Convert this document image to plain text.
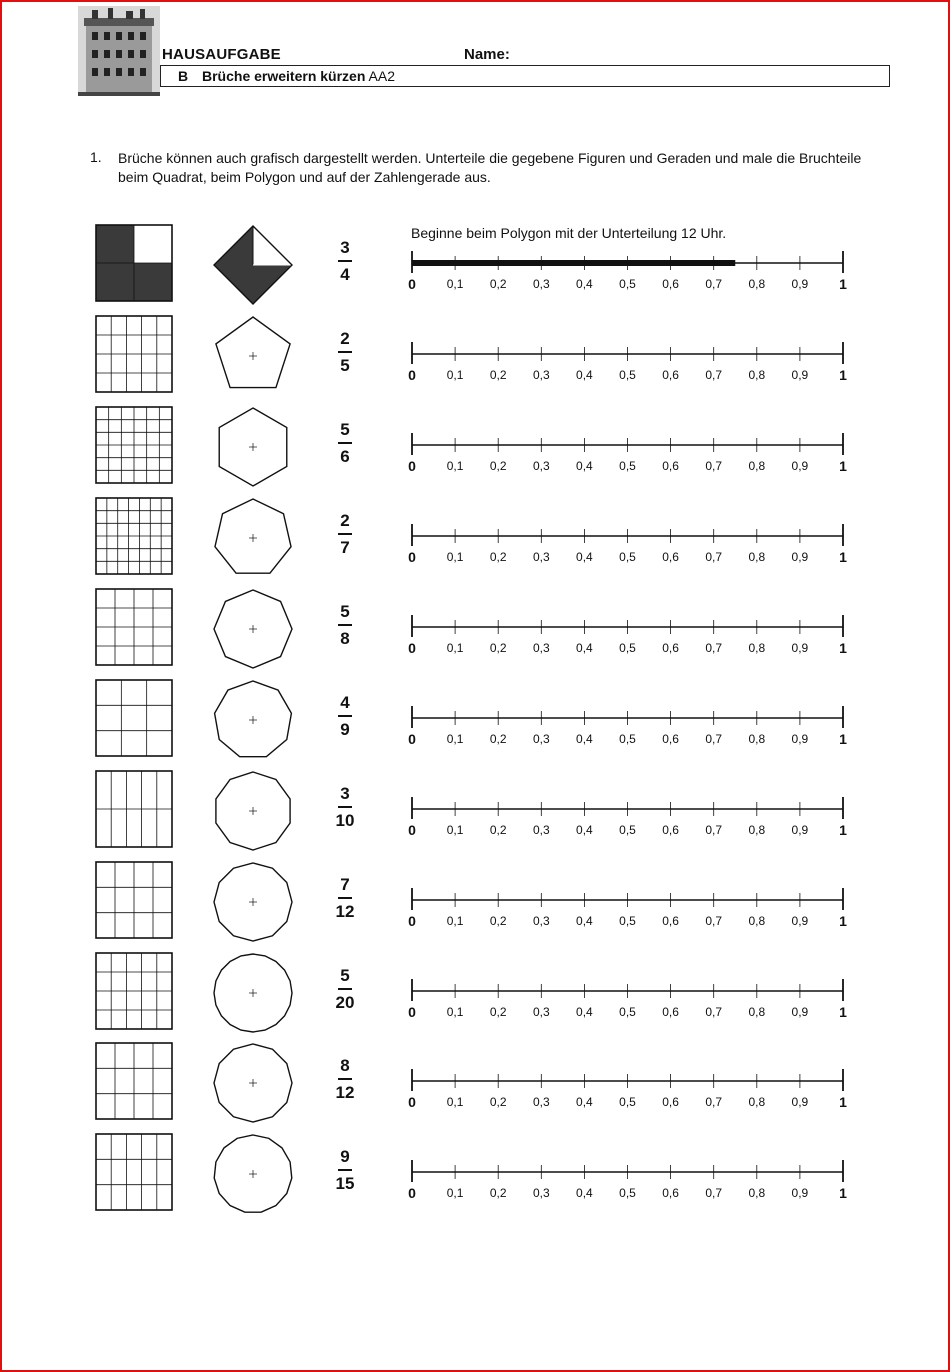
HAUSAUFGABE	Name:
B Brüche erweitern kürzen AA2
1. Brüche können auch grafisch dargestellt werden. Unterteile die gegebene Figuren und Geraden und male die Bruchteile beim Quadrat, beim Polygon und auf der Zahlengerade aus.
Beginne beim Polygon mit der Unterteilung 12 Uhr.
3
4	0	0,1 0,2 0,3 0,4 0,5 0,6 0,7 0,8 0,9 1
2
5	0	0,1 0,2 0,3 0,4 0,5 0,6 0,7 0,8 0,9 1
5
6	0	0,1 0,2 0,3 0,4 0,5 0,6 0,7 0,8 0,9 1
2
7	0	0,1 0,2 0,3 0,4 0,5 0,6 0,7 0,8 0,9 1
5
8	0	0,1 0,2 0,3 0,4 0,5 0,6 0,7 0,8 0,9 1
4
9	0	0,1 0,2 0,3 0,4 0,5 0,6 0,7 0,8 0,9 1
3
10	0	0,1 0,2 0,3 0,4 0,5 0,6 0,7 0,8 0,9 1
7
12	0	0,1 0,2 0,3 0,4 0,5 0,6 0,7 0,8 0,9 1
5
20	0	0,1 0,2 0,3 0,4 0,5 0,6 0,7 0,8 0,9 1
8
12	0	0,1 0,2 0,3 0,4 0,5 0,6 0,7 0,8 0,9 1
9
15	0	0,1 0,2 0,3 0,4 0,5 0,6 0,7 0,8 0,9 1
